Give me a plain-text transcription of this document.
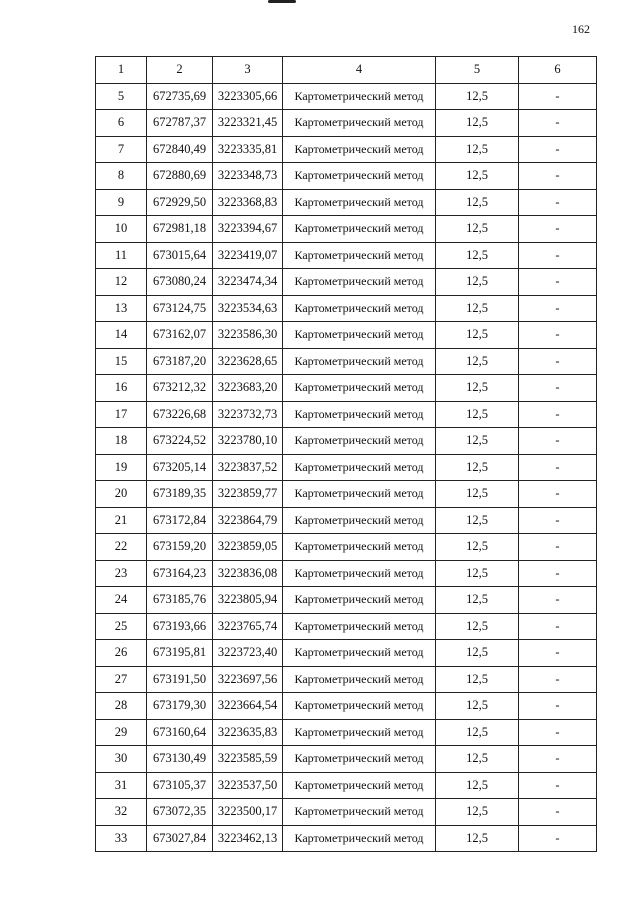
162
1	2	3	4	5	6
5	672735,69	3223305,66	Картометрический метод	12,5	-
6	672787,37	3223321,45	Картометрический метод	12,5	-
7	672840,49	3223335,81	Картометрический метод	12,5	-
8	672880,69	3223348,73	Картометрический метод	12,5	-
9	672929,50	3223368,83	Картометрический метод	12,5	-
10	672981,18	3223394,67	Картометрический метод	12,5	-
11	673015,64	3223419,07	Картометрический метод	12,5	-
12	673080,24	3223474,34	Картометрический метод	12,5	-
13	673124,75	3223534,63	Картометрический метод	12,5	-
14	673162,07	3223586,30	Картометрический метод	12,5	-
15	673187,20	3223628,65	Картометрический метод	12,5	-
16	673212,32	3223683,20	Картометрический метод	12,5	-
17	673226,68	3223732,73	Картометрический метод	12,5	-
18	673224,52	3223780,10	Картометрический метод	12,5	-
19	673205,14	3223837,52	Картометрический метод	12,5	-
20	673189,35	3223859,77	Картометрический метод	12,5	-
21	673172,84	3223864,79	Картометрический метод	12,5	-
22	673159,20	3223859,05	Картометрический метод	12,5	-
23	673164,23	3223836,08	Картометрический метод	12,5	-
24	673185,76	3223805,94	Картометрический метод	12,5	-
25	673193,66	3223765,74	Картометрический метод	12,5	-
26	673195,81	3223723,40	Картометрический метод	12,5	-
27	673191,50	3223697,56	Картометрический метод	12,5	-
28	673179,30	3223664,54	Картометрический метод	12,5	-
29	673160,64	3223635,83	Картометрический метод	12,5	-
30	673130,49	3223585,59	Картометрический метод	12,5	-
31	673105,37	3223537,50	Картометрический метод	12,5	-
32	673072,35	3223500,17	Картометрический метод	12,5	-
33	673027,84	3223462,13	Картометрический метод	12,5	-
